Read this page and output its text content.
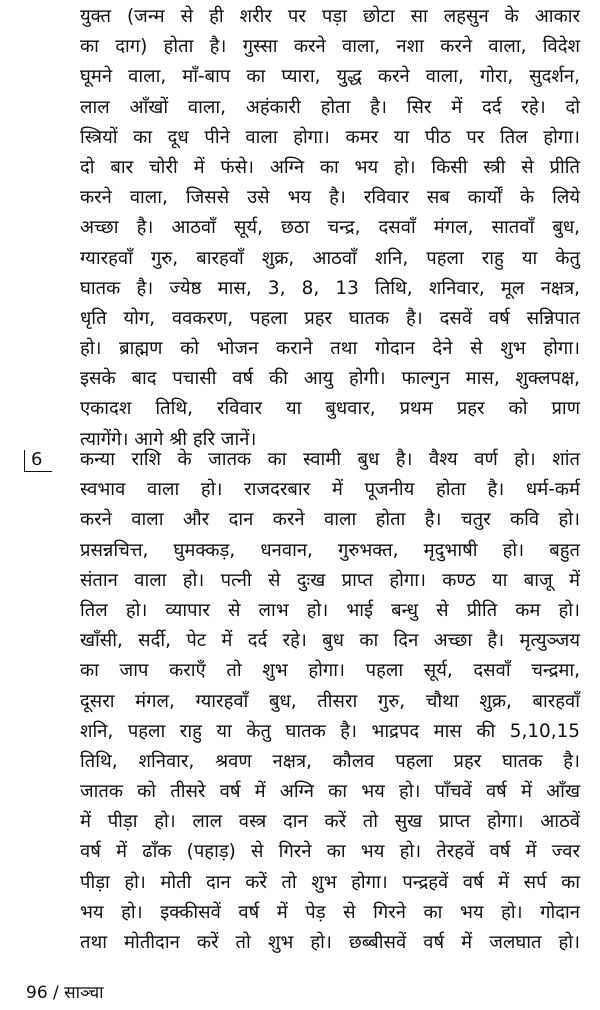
युक्त (जन्म से ही शरीर पर पड़ा छोटा सा लहसुन के आकार
का दाग) होता है। गुस्सा करने वाला, नशा करने वाला, विदेश
घूमने वाला, माँ-बाप का प्यारा, युद्ध करने वाला, गोरा, सुदर्शन,
लाल आँखों वाला, अहंकारी होता है। सिर में दर्द रहे। दो
स्त्रियों का दूध पीने वाला होगा। कमर या पीठ पर तिल होगा।
दो बार चोरी में फंसे। अग्नि का भय हो। किसी स्त्री से प्रीति
करने वाला, जिससे उसे भय है। रविवार सब कार्यों के लिये
अच्छा है। आठवाँ सूर्य, छठा चन्द्र, दसवाँ मंगल, सातवाँ बुध,
ग्यारहवाँ गुरु, बारहवाँ शुक्र, आठवाँ शनि, पहला राहु या केतु
घातक है। ज्येष्ठ मास, 3, 8, 13 तिथि, शनिवार, मूल नक्षत्र,
धृति योग, ववकरण, पहला प्रहर घातक है। दसवें वर्ष सन्निपात
हो। ब्राह्मण को भोजन कराने तथा गोदान देने से शुभ होगा।
इसके बाद पचासी वर्ष की आयु होगी। फाल्गुन मास, शुक्लपक्ष,
एकादश तिथि, रविवार या बुधवार, प्रथम प्रहर को प्राण
त्यागेंगे। आगे श्री हरि जानें।
6	कन्या राशि के जातक का स्वामी बुध है। वैश्य वर्ण हो। शांत
स्वभाव वाला हो। राजदरबार में पूजनीय होता है। धर्म-कर्म
करने वाला और दान करने वाला होता है। चतुर कवि हो।
प्रसन्नचित्त, घुमक्कड़, धनवान, गुरुभक्त, मृदुभाषी हो। बहुत
संतान वाला हो। पत्नी से दुःख प्राप्त होगा। कण्ठ या बाजू में
तिल हो। व्यापार से लाभ हो। भाई बन्धु से प्रीति कम हो।
खाँसी, सर्दी, पेट में दर्द रहे। बुध का दिन अच्छा है। मृत्युञ्जय
का जाप कराएँ तो शुभ होगा। पहला सूर्य, दसवाँ चन्द्रमा,
दूसरा मंगल, ग्यारहवाँ बुध, तीसरा गुरु, चौथा शुक्र, बारहवाँ
शनि, पहला राहु या केतु घातक है। भाद्रपद मास की 5,10,15
तिथि, शनिवार, श्रवण नक्षत्र, कौलव पहला प्रहर घातक है।
जातक को तीसरे वर्ष में अग्नि का भय हो। पाँचवें वर्ष में आँख
में पीड़ा हो। लाल वस्त्र दान करें तो सुख प्राप्त होगा। आठवें
वर्ष में ढाँक (पहाड़) से गिरने का भय हो। तेरहवें वर्ष में ज्वर
पीड़ा हो। मोती दान करें तो शुभ होगा। पन्द्रहवें वर्ष में सर्प का
भय हो। इक्कीसवें वर्ष में पेड़ से गिरने का भय हो। गोदान
तथा मोतीदान करें तो शुभ हो। छब्बीसवें वर्ष में जलघात हो।
96 / साञ्चा
